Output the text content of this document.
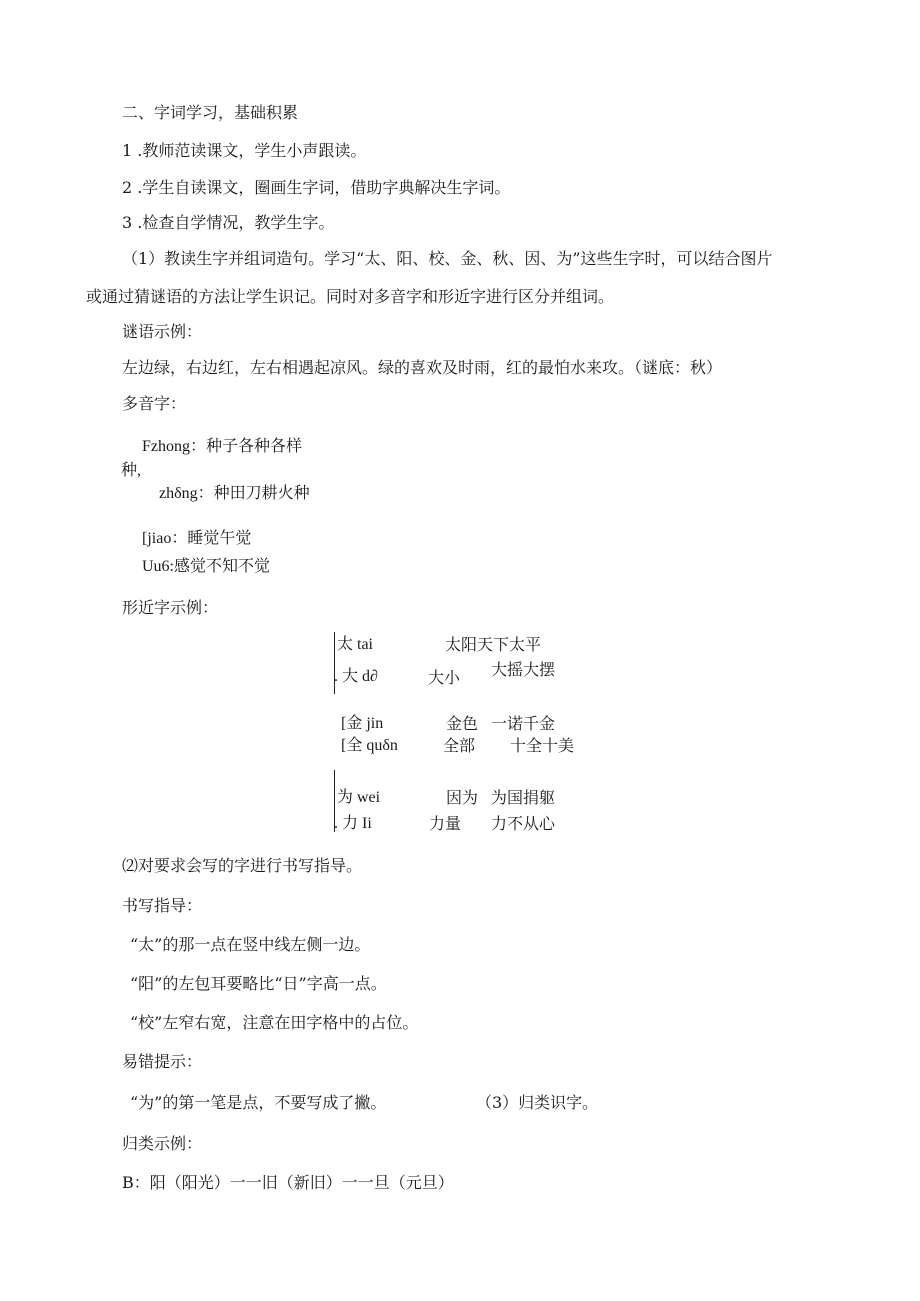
二、字词学习，基础积累
1 .教师范读课文，学生小声跟读。
2 .学生自读课文，圈画生字词，借助字典解决生字词。
3 .检查自学情况，教学生字。
（1）教读生字并组词造句。学习“太、阳、校、金、秋、因、为”这些生字时，可以结合图片
或通过猜谜语的方法让学生识记。同时对多音字和形近字进行区分并组词。
谜语示例：
左边绿，右边红，左右相遇起凉风。绿的喜欢及时雨，红的最怕水来攻。（谜底：秋）
多音字：
Fzhong：种子各种各样
种,
zhδng：种田刀耕火种
[jiao：睡觉午觉
Uu6:感觉不知不觉
形近字示例：
太 tai	太阳天下太平
. 大 d∂	大小 大摇大摆
[金 jin	金色 一诺千金
[全 quδn	全部 十全十美
为 wei	因为 为国捐躯
. 力 Ii	力量 力不从心
⑵对要求会写的字进行书写指导。
书写指导：
“太”的那一点在竖中线左侧一边。
“阳”的左包耳要略比“日”字高一点。
“校”左窄右宽，注意在田字格中的占位。
易错提示：
“为”的第一笔是点，不要写成了撇。	（3）归类识字。
归类示例：
B：阳（阳光）一一旧（新旧）一一旦（元旦）
